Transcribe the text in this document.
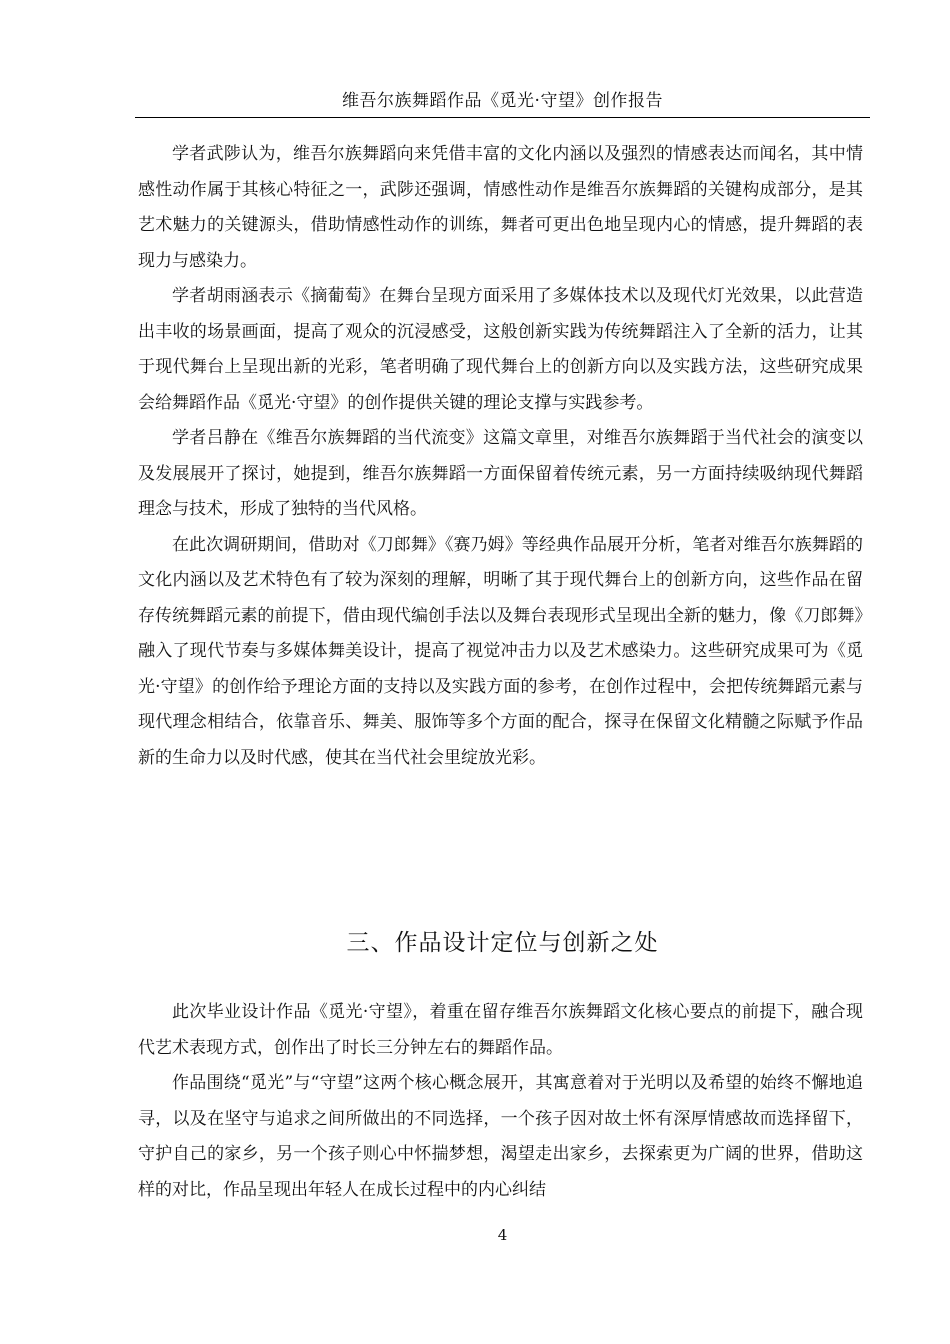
维吾尔族舞蹈作品《觅光·守望》创作报告

学者武陟认为，维吾尔族舞蹈向来凭借丰富的文化内涵以及强烈的情感表达而闻名，其中情感性动作属于其核心特征之一，武陟还强调，情感性动作是维吾尔族舞蹈的关键构成部分，是其艺术魅力的关键源头，借助情感性动作的训练，舞者可更出色地呈现内心的情感，提升舞蹈的表现力与感染力。

学者胡雨涵表示《摘葡萄》在舞台呈现方面采用了多媒体技术以及现代灯光效果，以此营造出丰收的场景画面，提高了观众的沉浸感受，这般创新实践为传统舞蹈注入了全新的活力，让其于现代舞台上呈现出新的光彩，笔者明确了现代舞台上的创新方向以及实践方法，这些研究成果会给舞蹈作品《觅光·守望》的创作提供关键的理论支撑与实践参考。

学者吕静在《维吾尔族舞蹈的当代流变》这篇文章里，对维吾尔族舞蹈于当代社会的演变以及发展展开了探讨，她提到，维吾尔族舞蹈一方面保留着传统元素，另一方面持续吸纳现代舞蹈理念与技术，形成了独特的当代风格。

在此次调研期间，借助对《刀郎舞》《赛乃姆》等经典作品展开分析，笔者对维吾尔族舞蹈的文化内涵以及艺术特色有了较为深刻的理解，明晰了其于现代舞台上的创新方向，这些作品在留存传统舞蹈元素的前提下，借由现代编创手法以及舞台表现形式呈现出全新的魅力，像《刀郎舞》融入了现代节奏与多媒体舞美设计，提高了视觉冲击力以及艺术感染力。这些研究成果可为《觅光·守望》的创作给予理论方面的支持以及实践方面的参考，在创作过程中，会把传统舞蹈元素与现代理念相结合，依靠音乐、舞美、服饰等多个方面的配合，探寻在保留文化精髓之际赋予作品新的生命力以及时代感，使其在当代社会里绽放光彩。

三、作品设计定位与创新之处

此次毕业设计作品《觅光·守望》，着重在留存维吾尔族舞蹈文化核心要点的前提下，融合现代艺术表现方式，创作出了时长三分钟左右的舞蹈作品。

作品围绕“觅光”与“守望”这两个核心概念展开，其寓意着对于光明以及希望的始终不懈地追寻，以及在坚守与追求之间所做出的不同选择，一个孩子因对故土怀有深厚情感故而选择留下，守护自己的家乡，另一个孩子则心中怀揣梦想，渴望走出家乡，去探索更为广阔的世界，借助这样的对比，作品呈现出年轻人在成长过程中的内心纠结

4
